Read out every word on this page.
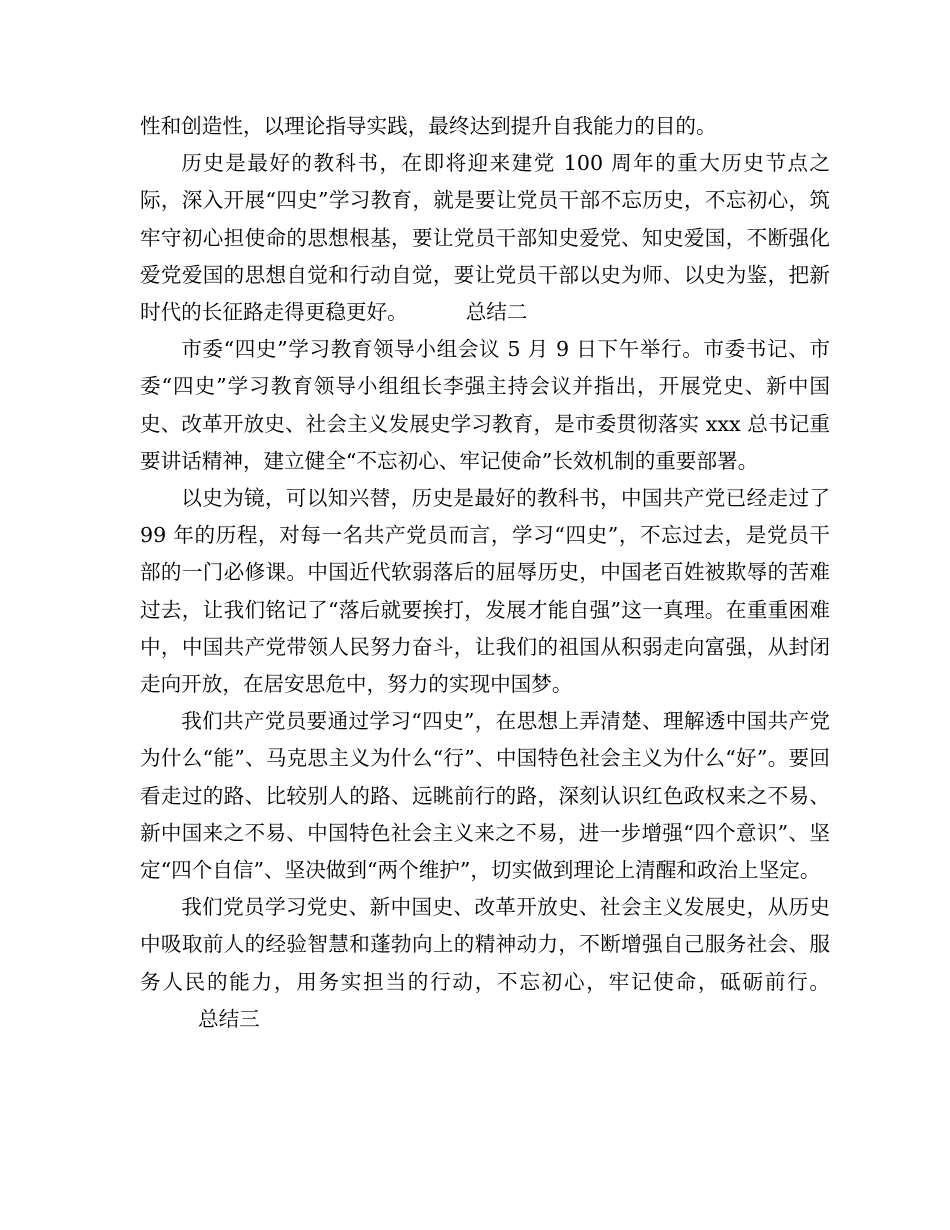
性和创造性，以理论指导实践，最终达到提升自我能力的目的。

历史是最好的教科书，在即将迎来建党 100 周年的重大历史节点之际，深入开展“四史”学习教育，就是要让党员干部不忘历史，不忘初心，筑牢守初心担使命的思想根基，要让党员干部知史爱党、知史爱国，不断强化爱党爱国的思想自觉和行动自觉，要让党员干部以史为师、以史为鉴，把新时代的长征路走得更稳更好。	总结二

市委“四史”学习教育领导小组会议 5 月 9 日下午举行。市委书记、市委“四史”学习教育领导小组组长李强主持会议并指出，开展党史、新中国史、改革开放史、社会主义发展史学习教育，是市委贯彻落实 xxx 总书记重要讲话精神，建立健全“不忘初心、牢记使命”长效机制的重要部署。

以史为镜，可以知兴替，历史是最好的教科书，中国共产党已经走过了 99 年的历程，对每一名共产党员而言，学习“四史”，不忘过去，是党员干部的一门必修课。中国近代软弱落后的屈辱历史，中国老百姓被欺辱的苦难过去，让我们铭记了“落后就要挨打，发展才能自强”这一真理。在重重困难中，中国共产党带领人民努力奋斗，让我们的祖国从积弱走向富强，从封闭走向开放，在居安思危中，努力的实现中国梦。

我们共产党员要通过学习“四史”，在思想上弄清楚、理解透中国共产党为什么“能”、马克思主义为什么“行”、中国特色社会主义为什么“好”。要回看走过的路、比较别人的路、远眺前行的路，深刻认识红色政权来之不易、新中国来之不易、中国特色社会主义来之不易，进一步增强“四个意识”、坚定“四个自信”、坚决做到“两个维护”，切实做到理论上清醒和政治上坚定。

我们党员学习党史、新中国史、改革开放史、社会主义发展史，从历史中吸取前人的经验智慧和蓬勃向上的精神动力，不断增强自己服务社会、服务人民的能力，用务实担当的行动，不忘初心，牢记使命，砥砺前行。总结三
